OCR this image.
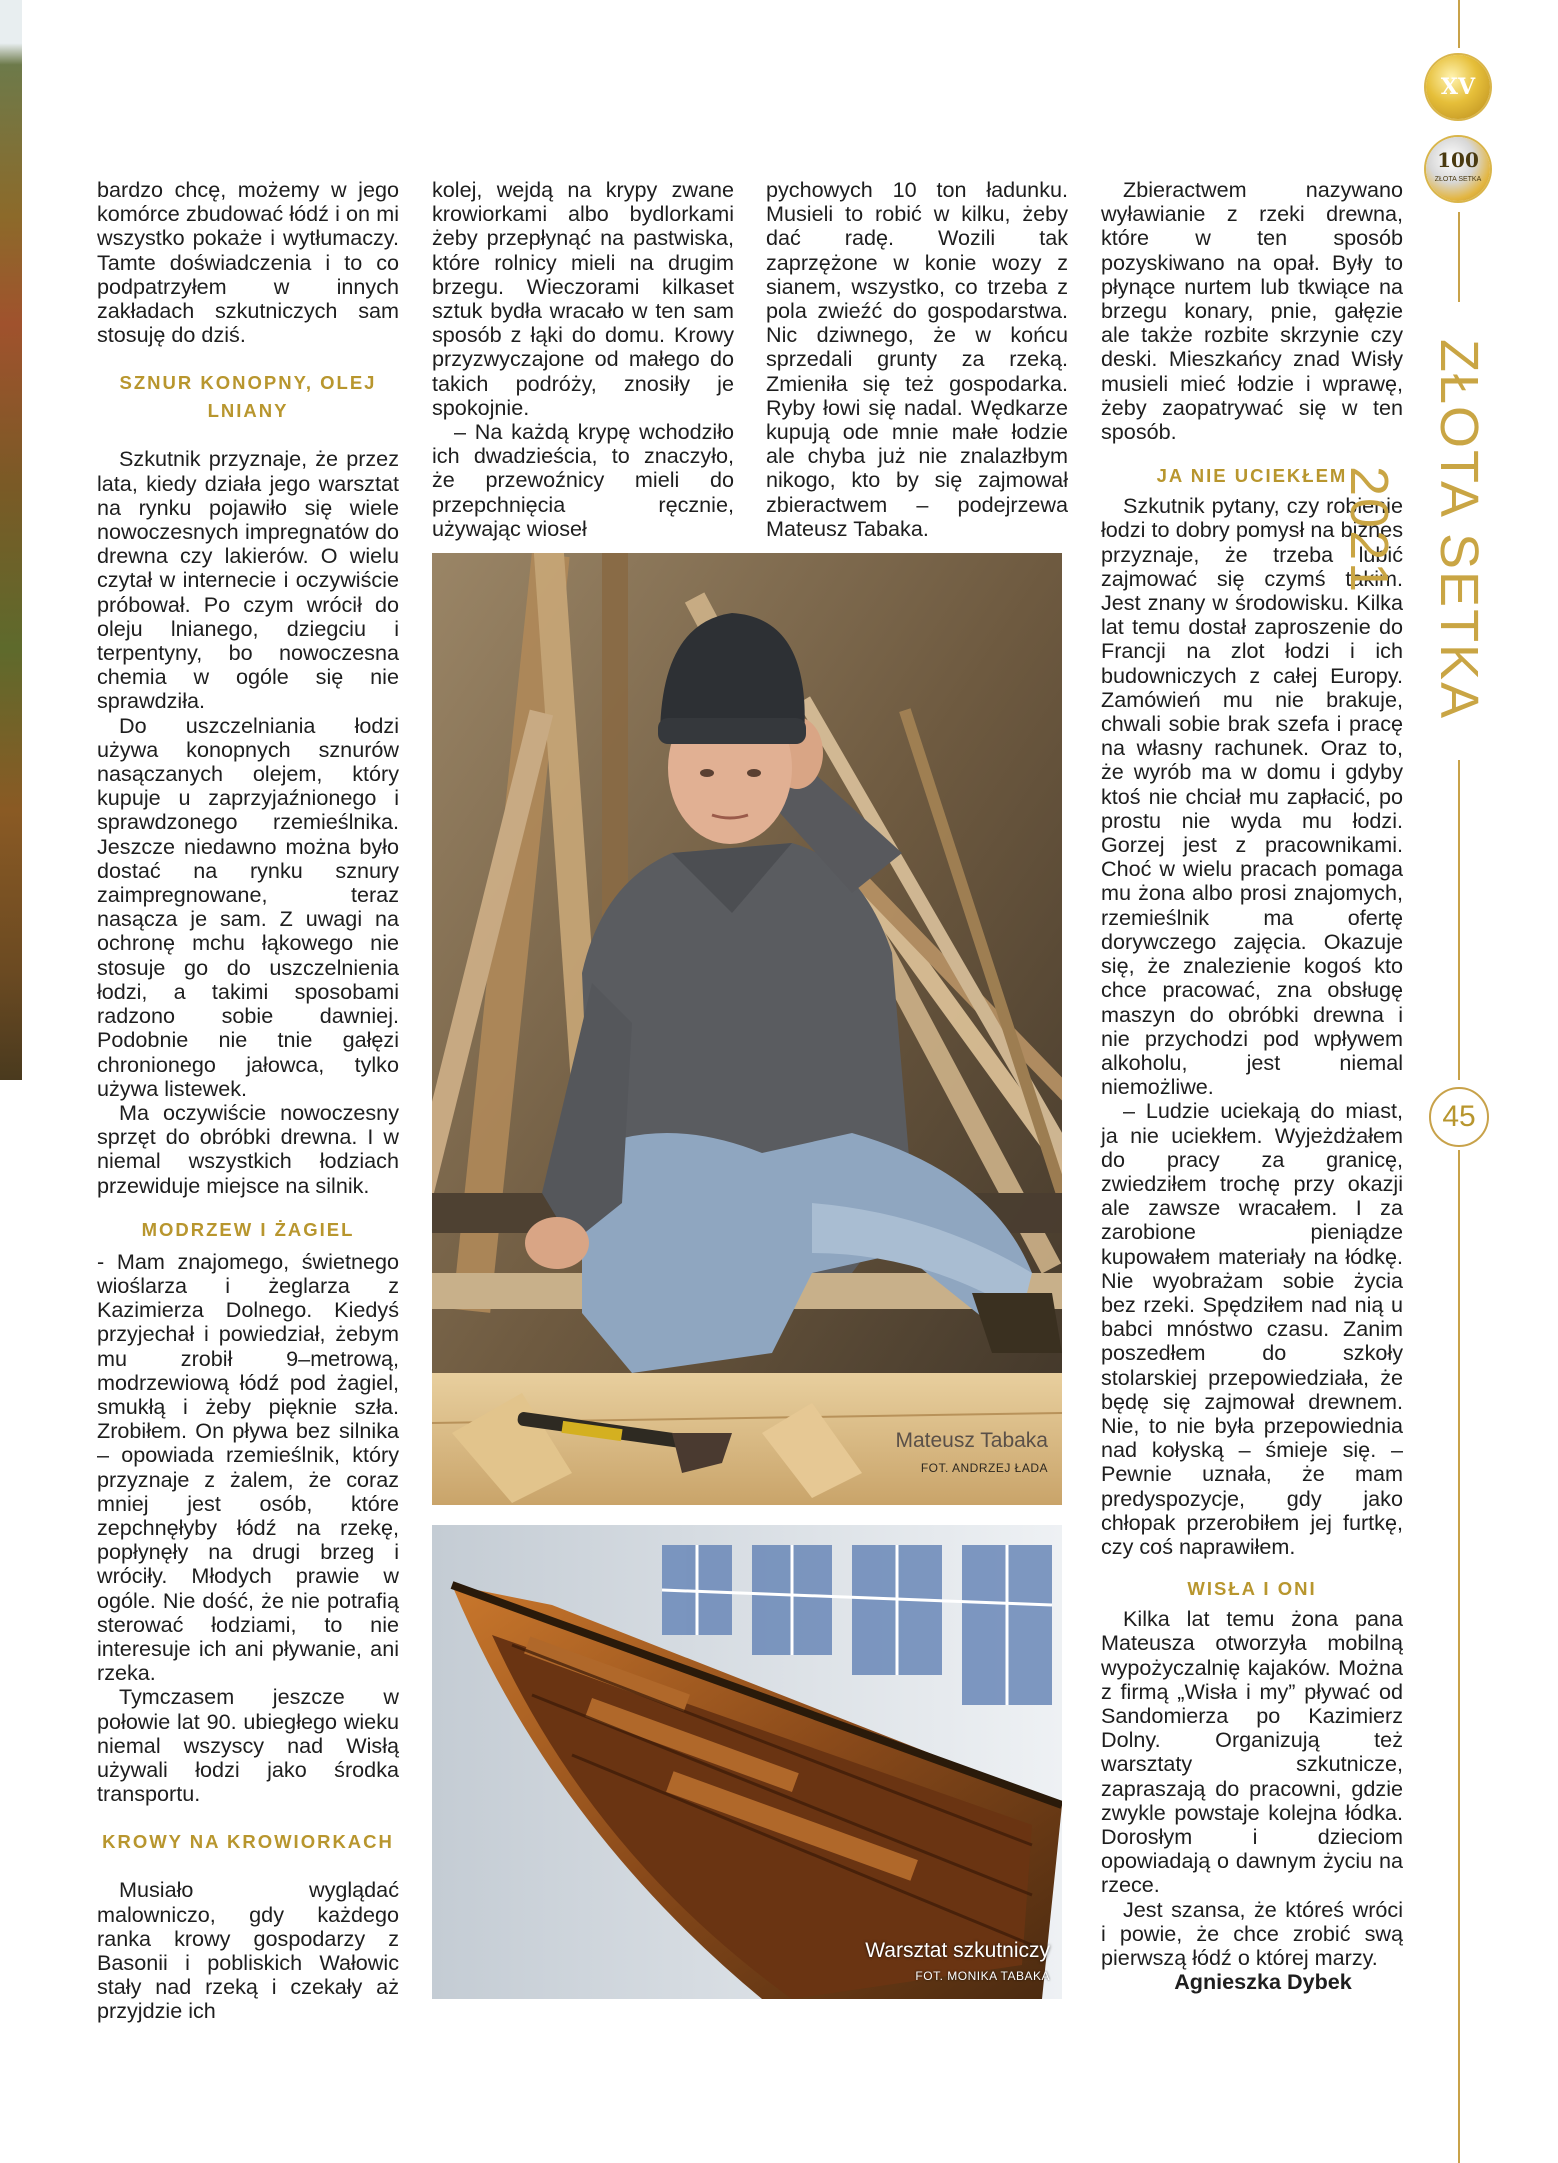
bardzo chcę, możemy w jego komórce zbudować łódź i on mi wszystko pokaże i wytłumaczy. Tamte doświadczenia i to co podpatrzyłem w innych zakładach szkutniczych sam stosuję do dziś.

SZNUR KONOPNY, OLEJ LNIANY

Szkutnik przyznaje, że przez lata, kiedy działa jego warsztat na rynku pojawiło się wiele nowoczesnych impregnatów do drewna czy lakierów. O wielu czytał w internecie i oczywiście próbował. Po czym wrócił do oleju lnianego, dziegciu i terpentyny, bo nowoczesna chemia w ogóle się nie sprawdziła.

Do uszczelniania łodzi używa konopnych sznurów nasączanych olejem, który kupuje u zaprzyjaźnionego i sprawdzonego rzemieślnika. Jeszcze niedawno można było dostać na rynku sznury zaimpregnowane, teraz nasącza je sam. Z uwagi na ochronę mchu łąkowego nie stosuje go do uszczelnienia łodzi, a takimi sposobami radzono sobie dawniej. Podobnie nie tnie gałęzi chronionego jałowca, tylko używa listewek.

Ma oczywiście nowoczesny sprzęt do obróbki drewna. I w niemal wszystkich łodziach przewiduje miejsce na silnik.

MODRZEW I ŻAGIEL

- Mam znajomego, świetnego wioślarza i żeglarza z Kazimierza Dolnego. Kiedyś przyjechał i powiedział, żebym mu zrobił 9–metrową, modrzewiową łódź pod żagiel, smukłą i żeby pięknie szła. Zrobiłem. On pływa bez silnika – opowiada rzemieślnik, który przyznaje z żalem, że coraz mniej jest osób, które zepchnęłyby łódź na rzekę, popłynęły na drugi brzeg i wróciły. Młodych prawie w ogóle. Nie dość, że nie potrafią sterować łodziami, to nie interesuje ich ani pływanie, ani rzeka.

Tymczasem jeszcze w połowie lat 90. ubiegłego wieku niemal wszyscy nad Wisłą używali łodzi jako środka transportu.

KROWY NA KROWIORKACH

Musiało wyglądać malowniczo, gdy każdego ranka krowy gospodarzy z Basonii i pobliskich Wałowic stały nad rzeką i czekały aż przyjdzie ich

kolej, wejdą na krypy zwane krowiorkami albo bydlorkami żeby przepłynąć na pastwiska, które rolnicy mieli na drugim brzegu. Wieczorami kilkaset sztuk bydła wracało w ten sam sposób z łąki do domu. Krowy przyzwyczajone od małego do takich podróży, znosiły je spokojnie.

– Na każdą krypę wchodziło ich dwadzieścia, to znaczyło, że przewoźnicy mieli do przepchnięcia ręcznie, używając wioseł

pychowych 10 ton ładunku. Musieli to robić w kilku, żeby dać radę. Wozili tak zaprzężone w konie wozy z sianem, wszystko, co trzeba z pola zwieźć do gospodarstwa. Nic dziwnego, że w końcu sprzedali grunty za rzeką. Zmieniła się też gospodarka. Ryby łowi się nadal. Wędkarze kupują ode mnie małe łodzie ale chyba już nie znalazłbym nikogo, kto by się zajmował zbieractwem – podejrzewa Mateusz Tabaka.

Zbieractwem nazywano wyławianie z rzeki drewna, które w ten sposób pozyskiwano na opał. Były to płynące nurtem lub tkwiące na brzegu konary, pnie, gałęzie ale także rozbite skrzynie czy deski. Mieszkańcy znad Wisły musieli mieć łodzie i wprawę, żeby zaopatrywać się w ten sposób.

JA NIE UCIEKŁEM

Szkutnik pytany, czy robienie łodzi to dobry pomysł na biznes przyznaje, że trzeba lubić zajmować się czymś takim. Jest znany w środowisku. Kilka lat temu dostał zaproszenie do Francji na zlot łodzi i ich budowniczych z całej Europy. Zamówień mu nie brakuje, chwali sobie brak szefa i pracę na własny rachunek. Oraz to, że wyrób ma w domu i gdyby ktoś nie chciał mu zapłacić, po prostu nie wyda mu łodzi. Gorzej jest z pracownikami. Choć w wielu pracach pomaga mu żona albo prosi znajomych, rzemieślnik ma ofertę dorywczego zajęcia. Okazuje się, że znalezienie kogoś kto chce pracować, zna obsługę maszyn do obróbki drewna i nie przychodzi pod wpływem alkoholu, jest niemal niemożliwe.

– Ludzie uciekają do miast, ja nie uciekłem. Wyjeżdżałem do pracy za granicę, zwiedziłem trochę przy okazji ale zawsze wracałem. I za zarobione pieniądze kupowałem materiały na łódkę. Nie wyobrażam sobie życia bez rzeki. Spędziłem nad nią u babci mnóstwo czasu. Zanim poszedłem do szkoły stolarskiej przepowiedziała, że będę się zajmował drewnem. Nie, to nie była przepowiednia nad kołyską – śmieje się. – Pewnie uznała, że mam predyspozycje, gdy jako chłopak przerobiłem jej furtkę, czy coś naprawiłem.

WISŁA I ONI

Kilka lat temu żona pana Mateusza otworzyła mobilną wypożyczalnię kajaków. Można z firmą „Wisła i my” pływać od Sandomierza po Kazimierz Dolny. Organizują też warsztaty szkutnicze, zapraszają do pracowni, gdzie zwykle powstaje kolejna łódka. Dorosłym i dzieciom opowiadają o dawnym życiu na rzece.

Jest szansa, że któreś wróci i powie, że chce zrobić swą pierwszą łódź o której marzy.

Agnieszka Dybek

Mateusz Tabaka
FOT. ANDRZEJ ŁADA
Warsztat szkutniczy
FOT. MONIKA TABAKA
XV
100
ZŁOTA SETKA
ZŁOTA SETKA 2021
45
